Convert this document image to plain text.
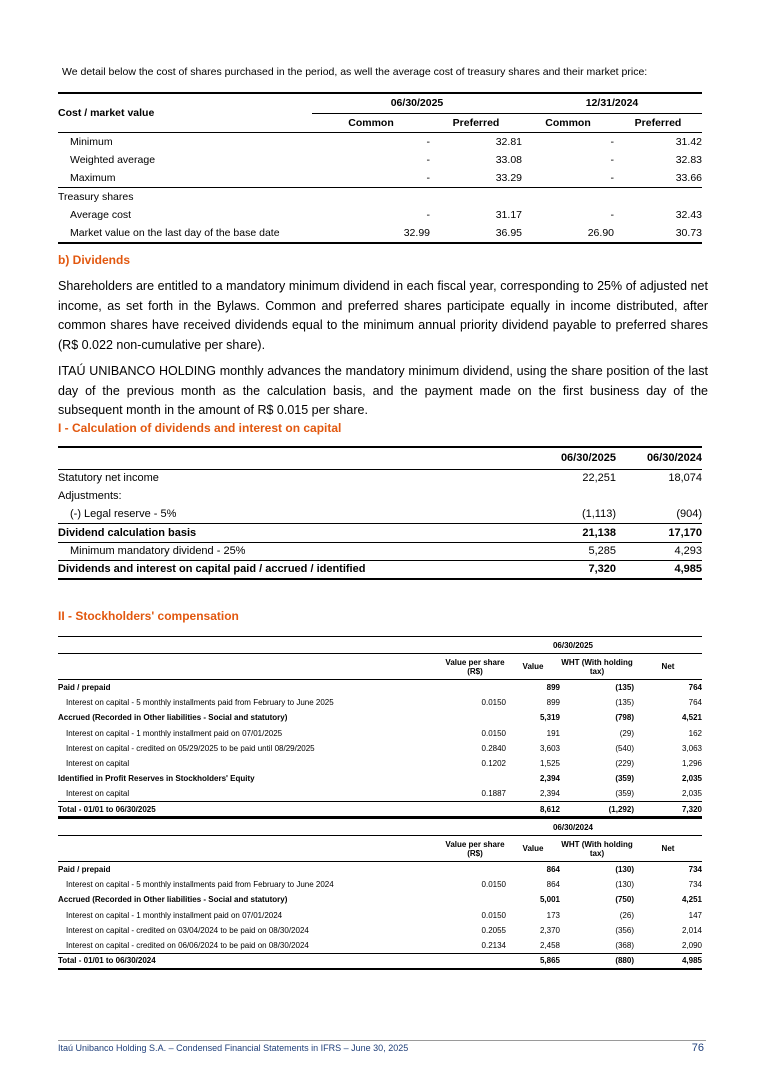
We detail below the cost of shares purchased in the period, as well the average cost of treasury shares and their market price:
Cost / market value	06/30/2025		12/31/2024	
	Common	Preferred	Common	Preferred
Minimum	-	32.81	-	31.42
Weighted average	-	33.08	-	32.83
Maximum	-	33.29	-	33.66
Treasury shares				
Average cost	-	31.17	-	32.43
Market value on the last day of the base date	32.99	36.95	26.90	30.73
b) Dividends

Shareholders are entitled to a mandatory minimum dividend in each fiscal year, corresponding to 25% of adjusted net income, as set forth in the Bylaws. Common and preferred shares participate equally in income distributed, after common shares have received dividends equal to the minimum annual priority dividend payable to preferred shares (R$ 0.022 non-cumulative per share).

ITAÚ UNIBANCO HOLDING monthly advances the mandatory minimum dividend, using the share position of the last day of the previous month as the calculation basis, and the payment made on the first business day of the subsequent month in the amount of R$ 0.015 per share.

I - Calculation of dividends and interest on capital
	06/30/2025	06/30/2024
Statutory net income	22,251	18,074
Adjustments:		
(-) Legal reserve - 5%	(1,113)	(904)
Dividend calculation basis	21,138	17,170
Minimum mandatory dividend - 25%	5,285	4,293
Dividends and interest on capital paid / accrued / identified	7,320	4,985
II - Stockholders' compensation
	06/30/2025			
	Value per share (R$)	Value	WHT (With holding tax)	Net
Paid / prepaid		899	(135)	764
Interest on capital - 5 monthly installments paid from February to June 2025	0.0150	899	(135)	764
Accrued (Recorded in Other liabilities - Social and statutory)		5,319	(798)	4,521
Interest on capital - 1 monthly installment paid on 07/01/2025	0.0150	191	(29)	162
Interest on capital - credited on 05/29/2025 to be paid until 08/29/2025	0.2840	3,603	(540)	3,063
Interest on capital	0.1202	1,525	(229)	1,296
Identified in Profit Reserves in Stockholders' Equity		2,394	(359)	2,035
Interest on capital	0.1887	2,394	(359)	2,035
Total - 01/01 to 06/30/2025		8,612	(1,292)	7,320
	06/30/2024			
	Value per share (R$)	Value	WHT (With holding tax)	Net
Paid / prepaid		864	(130)	734
Interest on capital - 5 monthly installments paid from February to June 2024	0.0150	864	(130)	734
Accrued (Recorded in Other liabilities - Social and statutory)		5,001	(750)	4,251
Interest on capital - 1 monthly installment paid on 07/01/2024	0.0150	173	(26)	147
Interest on capital - credited on 03/04/2024 to be paid on 08/30/2024	0.2055	2,370	(356)	2,014
Interest on capital - credited on 06/06/2024 to be paid on 08/30/2024	0.2134	2,458	(368)	2,090
Total - 01/01 to 06/30/2024		5,865	(880)	4,985
Itaú Unibanco Holding S.A. – Condensed Financial Statements in IFRS – June 30, 2025	76
